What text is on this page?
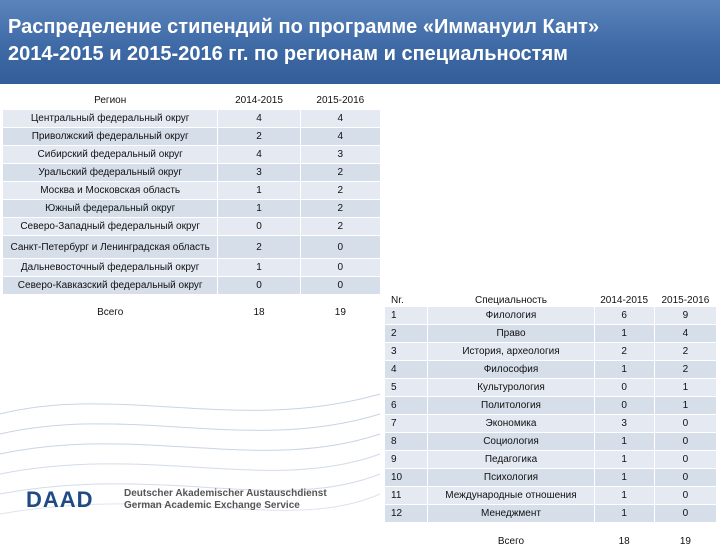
Распределение стипендий по программе «Иммануил Кант»
2014-2015 и 2015-2016 гг. по регионам и специальностям
Регион	2014-2015	2015-2016
Центральный федеральный округ	4	4
Приволжский федеральный округ	2	4
Сибирский федеральный округ	4	3
Уральский федеральный округ	3	2
Москва и Московская область	1	2
Южный федеральный округ	1	2
Северо-Западный федеральный округ	0	2
Санкт-Петербург и Ленинградская область	2	0
Дальневосточный федеральный округ	1	0
Северо-Кавказский федеральный округ	0	0
Всего	18	19
Nr.	Специальность	2014-2015	2015-2016
1	Филология	6	9
2	Право	1	4
3	История, археология	2	2
4	Философия	1	2
5	Культурология	0	1
6	Политология	0	1
7	Экономика	3	0
8	Социология	1	0
9	Педагогика	1	0
10	Психология	1	0
11	Международные отношения	1	0
12	Менеджмент	1	0
	Всего	18	19
DAAD	Deutscher Akademischer Austauschdienst
German Academic Exchange Service
